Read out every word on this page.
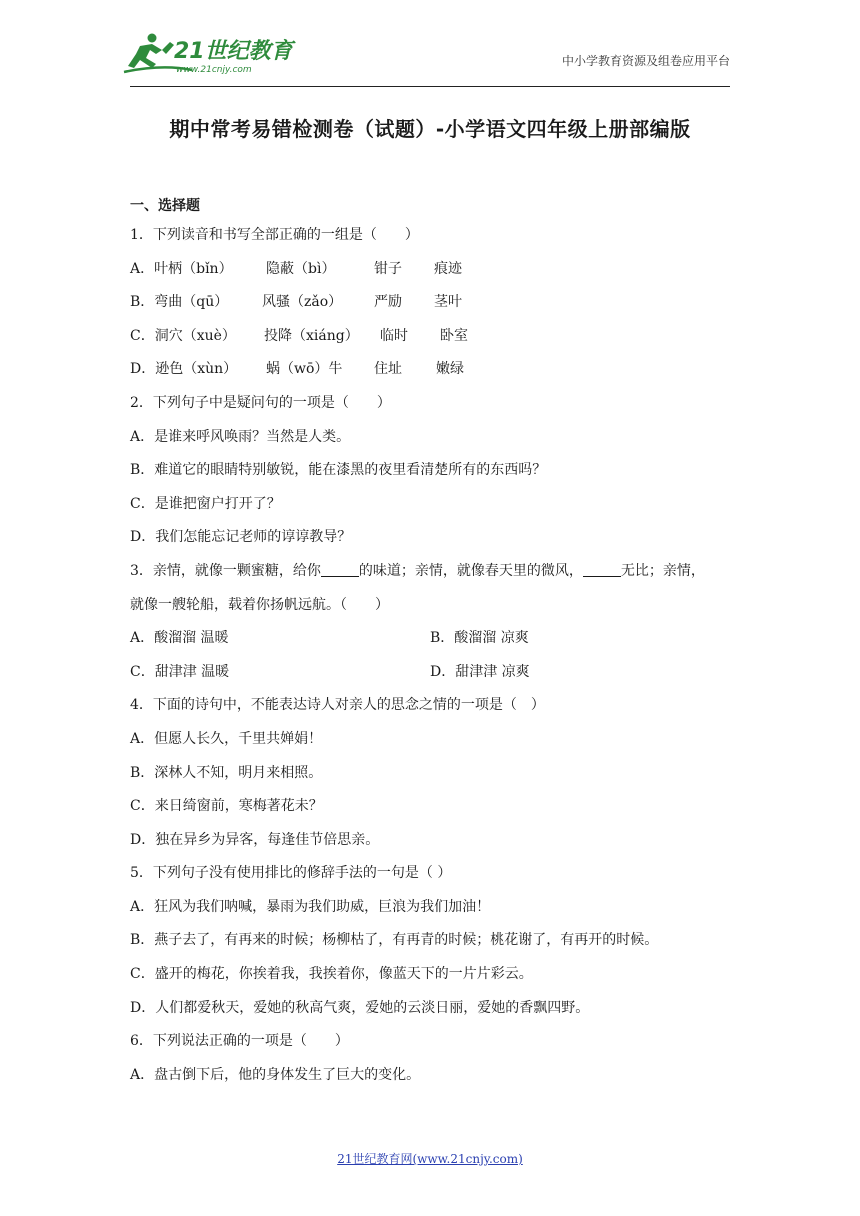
21世纪教育
www.21cnjy.com
中小学教育资源及组卷应用平台
期中常考易错检测卷（试题）-小学语文四年级上册部编版
一、选择题
1．下列读音和书写全部正确的一组是（　　）
A．叶柄（bǐn） 隐蔽（bì）	钳子 痕迹
B．弯曲（qū） 风骚（zǎo） 严励 茎叶
C．洞穴（xuè） 投降（xiáng） 临时 卧室
D．逊色（xùn） 蜗（wō）牛 住址 嫩绿
2．下列句子中是疑问句的一项是（　　）
A．是谁来呼风唤雨？当然是人类。
B．难道它的眼睛特别敏锐，能在漆黑的夜里看清楚所有的东西吗？
C．是谁把窗户打开了？
D．我们怎能忘记老师的谆谆教导？
3．亲情，就像一颗蜜糖，给你	的味道；亲情，就像春天里的微风，	无比；亲情，
就像一艘轮船，载着你扬帆远航。（　　）
A．酸溜溜 温暖	B．酸溜溜 凉爽
C．甜津津 温暖	D．甜津津 凉爽
4．下面的诗句中，不能表达诗人对亲人的思念之情的一项是（　）
A．但愿人长久，千里共婵娟！
B．深林人不知，明月来相照。
C．来日绮窗前，寒梅著花未？
D．独在异乡为异客，每逢佳节倍思亲。
5．下列句子没有使用排比的修辞手法的一句是（ ）
A．狂风为我们呐喊，暴雨为我们助威，巨浪为我们加油！
B．燕子去了，有再来的时候；杨柳枯了，有再青的时候；桃花谢了，有再开的时候。
C．盛开的梅花，你挨着我，我挨着你，像蓝天下的一片片彩云。
D．人们都爱秋天，爱她的秋高气爽，爱她的云淡日丽，爱她的香飘四野。
6．下列说法正确的一项是（　　）
A．盘古倒下后，他的身体发生了巨大的变化。
21世纪教育网(www.21cnjy.com)
